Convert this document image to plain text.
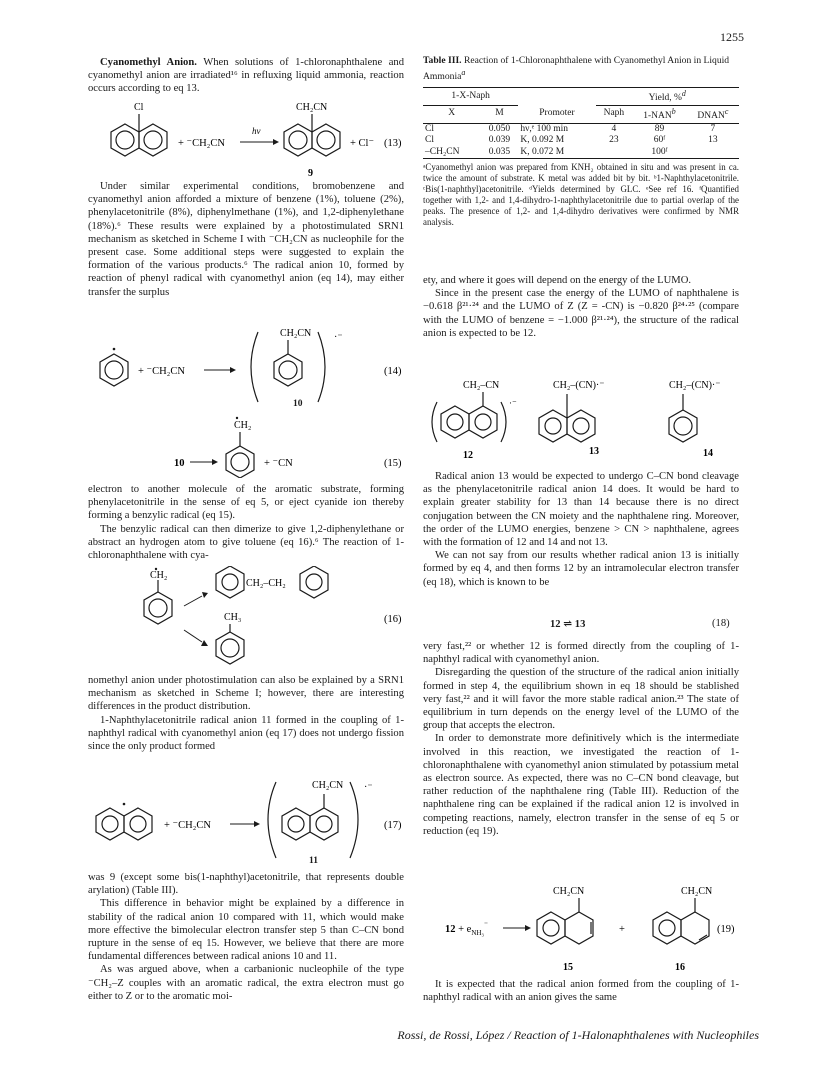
1255

Cyanomethyl Anion. When solutions of 1-chloronaphthalene and cyanomethyl anion are irradiated¹⁶ in refluxing liquid ammonia, reaction occurs according to eq 13.

Cl
+ ⁻CH₂CN
hν
CH₂CN
+ Cl⁻ (13)
9

Under similar experimental conditions, bromobenzene and cyanomethyl anion afforded a mixture of benzene (1%), toluene (2%), phenylacetonitrile (8%), diphenylmethane (1%), and 1,2-diphenylethane (18%).⁶ These results were explained by a photostimulated SRN1 mechanism as sketched in Scheme I with ⁻CH₂CN as nucleophile for the present case. Some additional steps were suggested to explain the formation of the various products.⁶ The radical anion 10, formed by reaction of phenyl radical with cyanomethyl anion (eq 14), may either transfer the surplus

+ ⁻CH₂CN
CH₂CN ·⁻
(14)
10
10
CH₂
+ ⁻CN	(15)

electron to another molecule of the aromatic substrate, forming phenylacetonitrile in the sense of eq 5, or eject cyanide ion thereby forming a benzylic radical (eq 15).

The benzylic radical can then dimerize to give 1,2-diphenylethane or abstract an hydrogen atom to give toluene (eq 16).⁶ The reaction of 1-chloronaphthalene with cya-

CH₂
CH₂–CH₂
CH₃	(16)

nomethyl anion under photostimulation can also be explained by a SRN1 mechanism as sketched in Scheme I; however, there are interesting differences in the product distribution.

1-Naphthylacetonitrile radical anion 11 formed in the coupling of 1-naphthyl radical with cyanomethyl anion (eq 17) does not undergo fission since the only product formed

+ ⁻CH₂CN
CH₂CN ·⁻
(17)
11

was 9 (except some bis(1-naphthyl)acetonitrile, that represents double arylation) (Table III).

This difference in behavior might be explained by a difference in stability of the radical anion 10 compared with 11, which would make more effective the bimolecular electron transfer step 5 than C–CN bond rupture in the sense of eq 15. However, we believe that there are more fundamental differences between radical anions 10 and 11.

As was argued above, when a carbanionic nucleophile of the type ⁻CH₂–Z couples with an aromatic radical, the extra electron must go either to Z or to the aromatic moi-

Table III. Reaction of 1-Chloronaphthalene with Cyanomethyl Anion in Liquid Ammonia$^a$
1-X-Naph			Yield, %$^d$
X	M	Promoter	Naph	1-NAN$^b$	DNAN$^c$
Cl	0.050	hν,ᵉ 100 min	4	89	7
Cl	0.039	K, 0.092 M	23	60ᶠ	13
–CH₂CN	0.035	K, 0.072 M		100ᶠ	
ᵃCyanomethyl anion was prepared from KNH₂ obtained in situ and was present in ca. twice the amount of substrate. K metal was added bit by bit. ᵇ1-Naphthylacetonitrile. ᶜBis(1-naphthyl)acetonitrile. ᵈYields determined by GLC. ᵉSee ref 16. ᶠQuantified together with 1,2- and 1,4-dihydro-1-naphthylacetonitrile due to partial overlap of the peaks. The presence of 1,2- and 1,4-dihydro derivatives were confirmed by NMR analysis.

ety, and where it goes will depend on the energy of the LUMO.

Since in the present case the energy of the LUMO of naphthalene is −0.618 β²¹·²⁴ and the LUMO of Z (Z = -CN) is −0.820 β²⁴·²⁵ (compare with the LUMO of benzene = −1.000 β²¹·²⁴), the structure of the radical anion is expected to be 12.

CH₂–CN
·⁻
CH₂–(CN)·⁻	CH₂–(CN)·⁻
12	13	14

Radical anion 13 would be expected to undergo C–CN bond cleavage as the phenylacetonitrile radical anion 14 does. It would be hard to explain greater stability for 13 than 14 because there is no direct conjugation between the CN moiety and the naphthalene ring. Moreover, the order of the LUMO energies, benzene > CN > naphthalene, agrees with the formation of 12 and 14 and not 13.

We can not say from our results whether radical anion 13 is initially formed by eq 4, and then forms 12 by an intramolecular electron transfer (eq 18), which is known to be

12 ⇌ 13	(18)

very fast,²² or whether 12 is formed directly from the coupling of 1-naphthyl radical with cyanomethyl anion.

Disregarding the question of the structure of the radical anion initially formed in step 4, the equilibrium shown in eq 18 should be stablished very fast,²² and it will favor the more stable radical anion.²³ The state of equilibrium in turn depends on the energy level of the LUMO of the group that accepts the electron.

In order to demonstrate more definitively which is the intermediate involved in this reaction, we investigated the reaction of 1-chloronaphthalene with cyanomethyl anion stimulated by potassium metal as electron source. As expected, there was no C–CN bond cleavage, but rather reduction of the naphthalene ring (Table III). Reduction of the naphthalene ring can be explained if the radical anion 12 is involved in competing reactions, namely, electron transfer in the sense of eq 5 or reduction (eq 19).

$12 + e_{NH_3}^{^-}$
CH₂CN
+
CH₂CN
(19)
15	16

It is expected that the radical anion formed from the coupling of 1-naphthyl radical with an anion gives the same

Rossi, de Rossi, López / Reaction of 1-Halonaphthalenes with Nucleophiles
